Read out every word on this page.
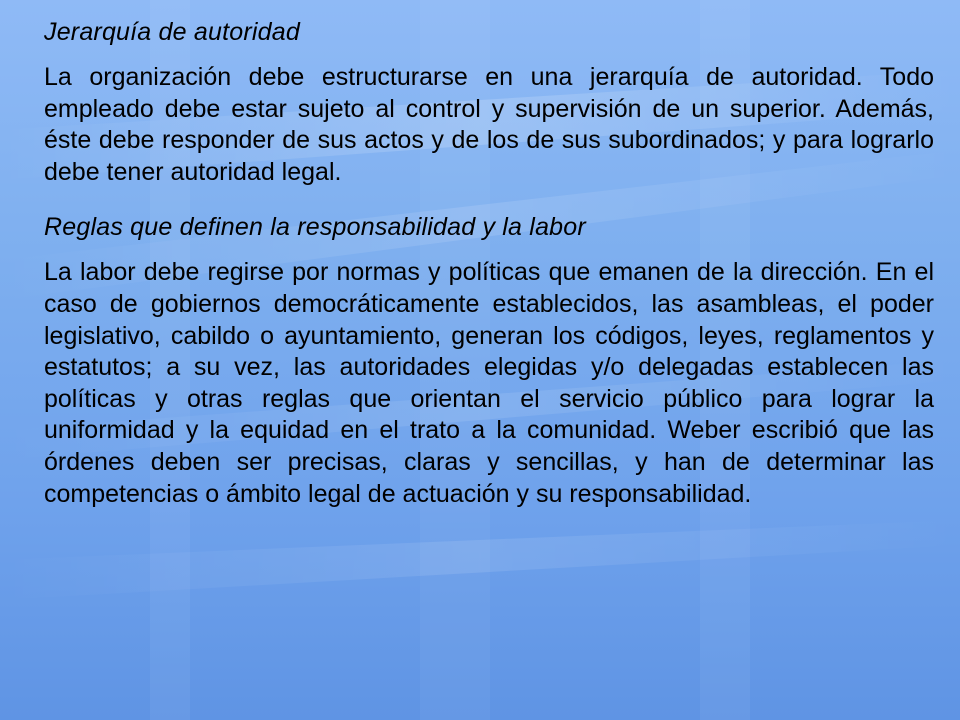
Jerarquía de autoridad

La organización debe estructurarse en una jerarquía de autoridad. Todo empleado debe estar sujeto al control y supervisión de un superior. Además, éste debe responder de sus actos y de los de sus subordinados; y para lograrlo debe tener autoridad legal.

Reglas que definen la responsabilidad y la labor

La labor debe regirse por normas y políticas que emanen de la dirección. En el caso de gobiernos democráticamente establecidos, las asambleas, el poder legislativo, cabildo o ayuntamiento, generan los códigos, leyes, reglamentos y estatutos; a su vez, las autoridades elegidas y/o delegadas establecen las políticas y otras reglas que orientan el servicio público para lograr la uniformidad y la equidad en el trato a la comunidad. Weber escribió que las órdenes deben ser precisas, claras y sencillas, y han de determinar las competencias o ámbito legal de actuación y su responsabilidad.
